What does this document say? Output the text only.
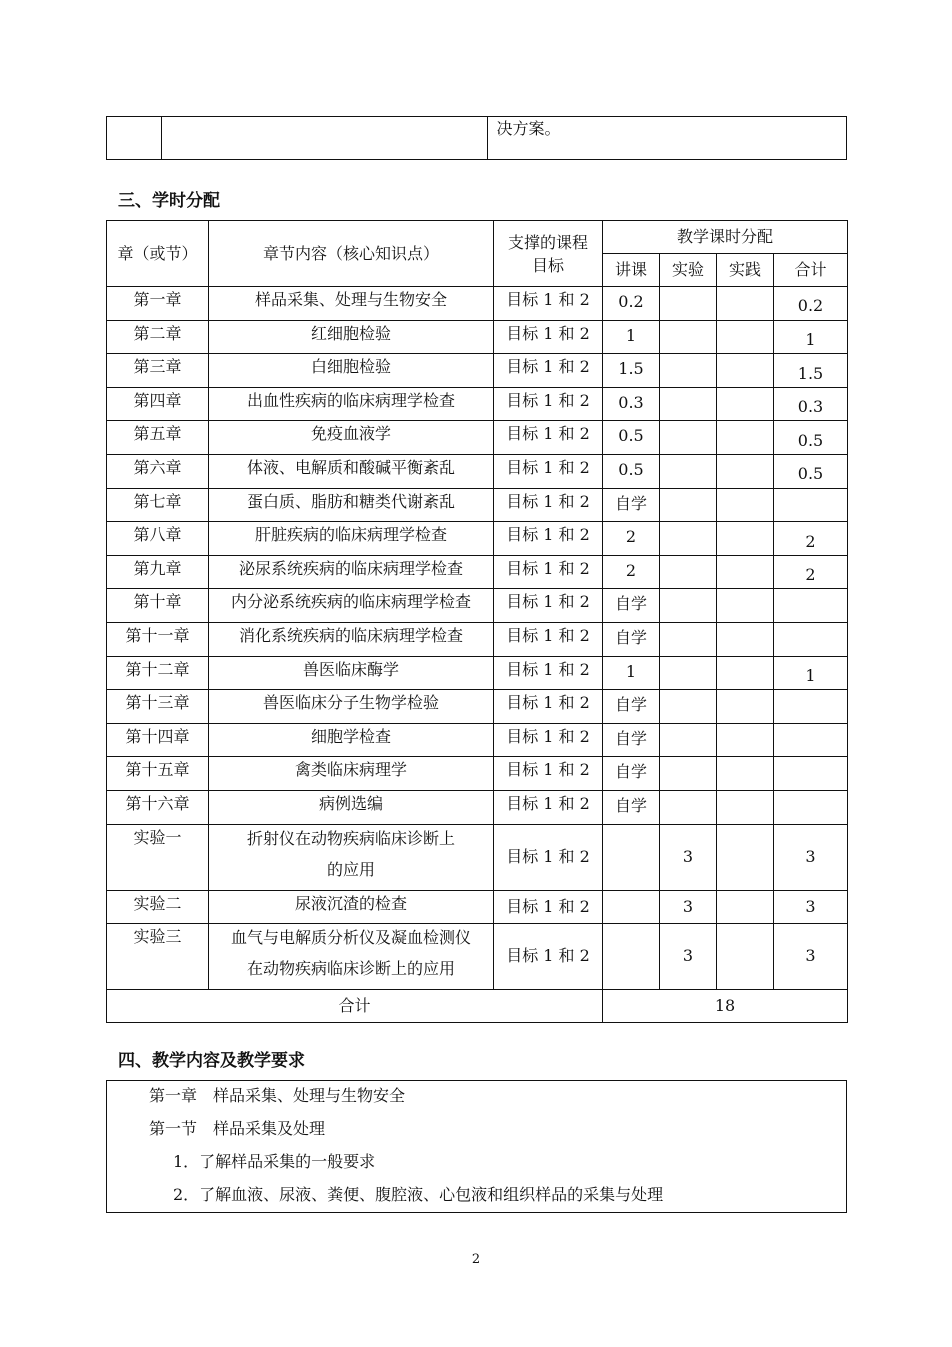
		决方案。
三、学时分配
章（或节）	章节内容（核心知识点）	支撑的课程目标	教学课时分配			
			讲课	实验	实践	合计
第一章	样品采集、处理与生物安全	目标 1 和 2	0.2			0.2
第二章	红细胞检验	目标 1 和 2	1			1
第三章	白细胞检验	目标 1 和 2	1.5			1.5
第四章	出血性疾病的临床病理学检查	目标 1 和 2	0.3			0.3
第五章	免疫血液学	目标 1 和 2	0.5			0.5
第六章	体液、电解质和酸碱平衡紊乱	目标 1 和 2	0.5			0.5
第七章	蛋白质、脂肪和糖类代谢紊乱	目标 1 和 2	自学			
第八章	肝脏疾病的临床病理学检查	目标 1 和 2	2			2
第九章	泌尿系统疾病的临床病理学检查	目标 1 和 2	2			2
第十章	内分泌系统疾病的临床病理学检查	目标 1 和 2	自学			
第十一章	消化系统疾病的临床病理学检查	目标 1 和 2	自学			
第十二章	兽医临床酶学	目标 1 和 2	1			1
第十三章	兽医临床分子生物学检验	目标 1 和 2	自学			
第十四章	细胞学检查	目标 1 和 2	自学			
第十五章	禽类临床病理学	目标 1 和 2	自学			
第十六章	病例选编	目标 1 和 2	自学			
实验一	折射仪在动物疾病临床诊断上
的应用	目标 1 和 2		3		3
实验二	尿液沉渣的检查	目标 1 和 2		3		3
实验三	血气与电解质分析仪及凝血检测仪
在动物疾病临床诊断上的应用	目标 1 和 2		3		3
合计			18			
四、教学内容及教学要求
第一章　样品采集、处理与生物安全
第一节　样品采集及处理
1．了解样品采集的一般要求
2．了解血液、尿液、粪便、腹腔液、心包液和组织样品的采集与处理
2
